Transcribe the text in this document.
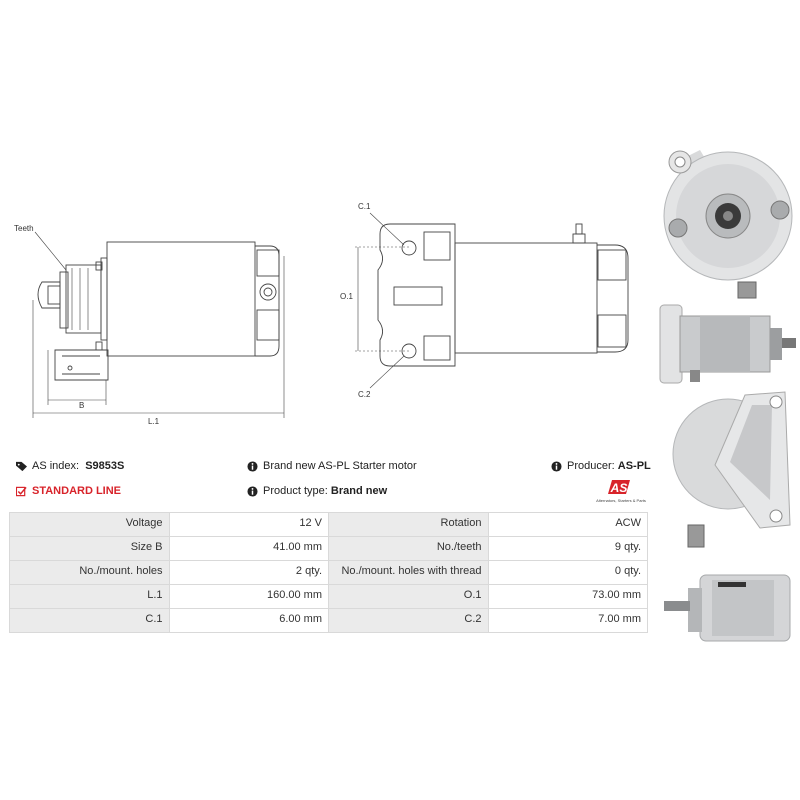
Teeth
B
L.1
C.1
O.1
C.2
AS index:
S9853S
STANDARD LINE
Brand new AS-PL Starter motor
Product type:
Brand new
Producer:
AS-PL
AS
Alternators, Starters & Parts
Voltage	12 V	Rotation	ACW
Size B	41.00 mm	No./teeth	9 qty.
No./mount. holes	2 qty.	No./mount. holes with thread	0 qty.
L.1	160.00 mm	O.1	73.00 mm
C.1	6.00 mm	C.2	7.00 mm
